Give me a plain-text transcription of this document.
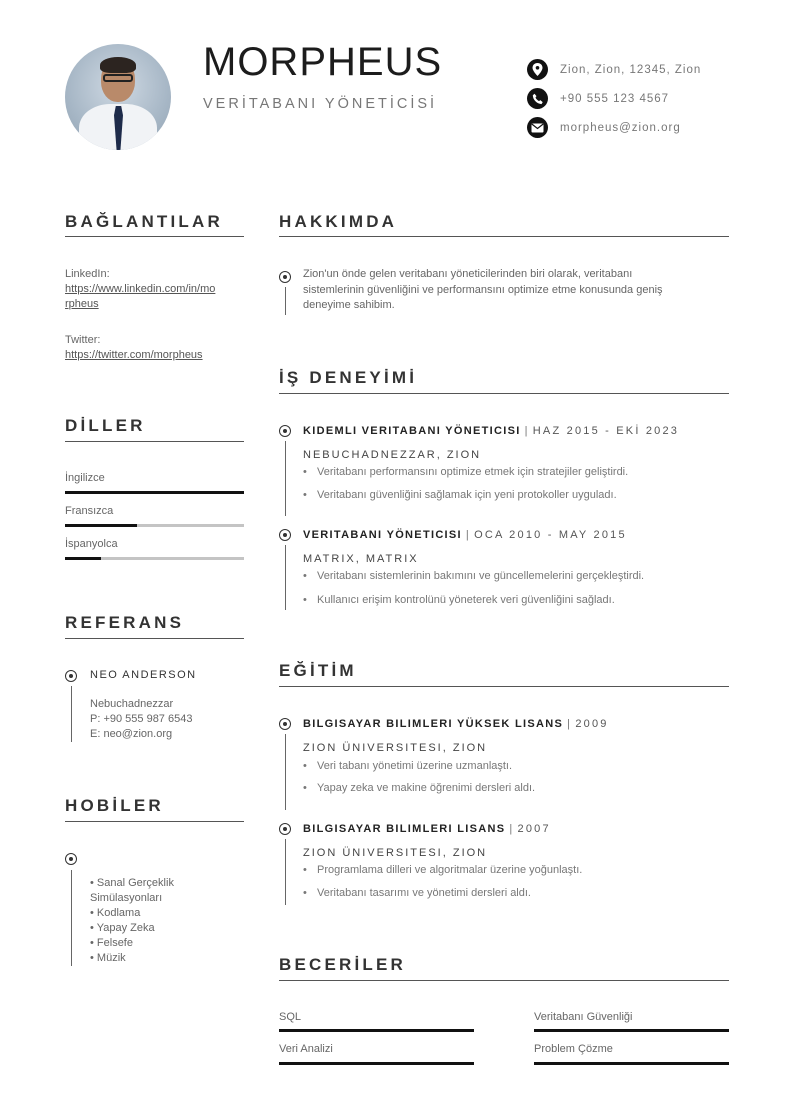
MORPHEUS
VERİTABANI YÖNETİCİSİ
Zion, Zion, 12345, Zion
+90 555 123 4567
morpheus@zion.org
BAĞLANTILAR
LinkedIn:
https://www.linkedin.com/in/mo
rpheus
Twitter:
https://twitter.com/morpheus
DİLLER
İngilizce
Fransızca
İspanyolca
REFERANS
NEO ANDERSON
Nebuchadnezzar
P: +90 555 987 6543
E: neo@zion.org
HOBİLER
• Sanal Gerçeklik
Simülasyonları
• Kodlama
• Yapay Zeka
• Felsefe
• Müzik
HAKKIMDA
Zion'un önde gelen veritabanı yöneticilerinden biri olarak, veritabanı
sistemlerinin güvenliğini ve performansını optimize etme konusunda geniş
deneyime sahibim.
İŞ DENEYİMİ
KIDEMLI VERITABANI YÖNETICISI | HAZ 2015 - EKİ 2023
NEBUCHADNEZZAR, ZION
• Veritabanı performansını optimize etmek için stratejiler geliştirdi.
• Veritabanı güvenliğini sağlamak için yeni protokoller uyguladı.
VERITABANI YÖNETICISI | OCA 2010 - MAY 2015
MATRIX, MATRIX
• Veritabanı sistemlerinin bakımını ve güncellemelerini gerçekleştirdi.
• Kullanıcı erişim kontrolünü yöneterek veri güvenliğini sağladı.
EĞİTİM
BILGISAYAR BILIMLERI YÜKSEK LISANS | 2009
ZION ÜNIVERSITESI, ZION
• Veri tabanı yönetimi üzerine uzmanlaştı.
• Yapay zeka ve makine öğrenimi dersleri aldı.
BILGISAYAR BILIMLERI LISANS | 2007
ZION ÜNIVERSITESI, ZION
• Programlama dilleri ve algoritmalar üzerine yoğunlaştı.
• Veritabanı tasarımı ve yönetimi dersleri aldı.
BECERİLER
SQL	Veritabanı Güvenliği
Veri Analizi	Problem Çözme
